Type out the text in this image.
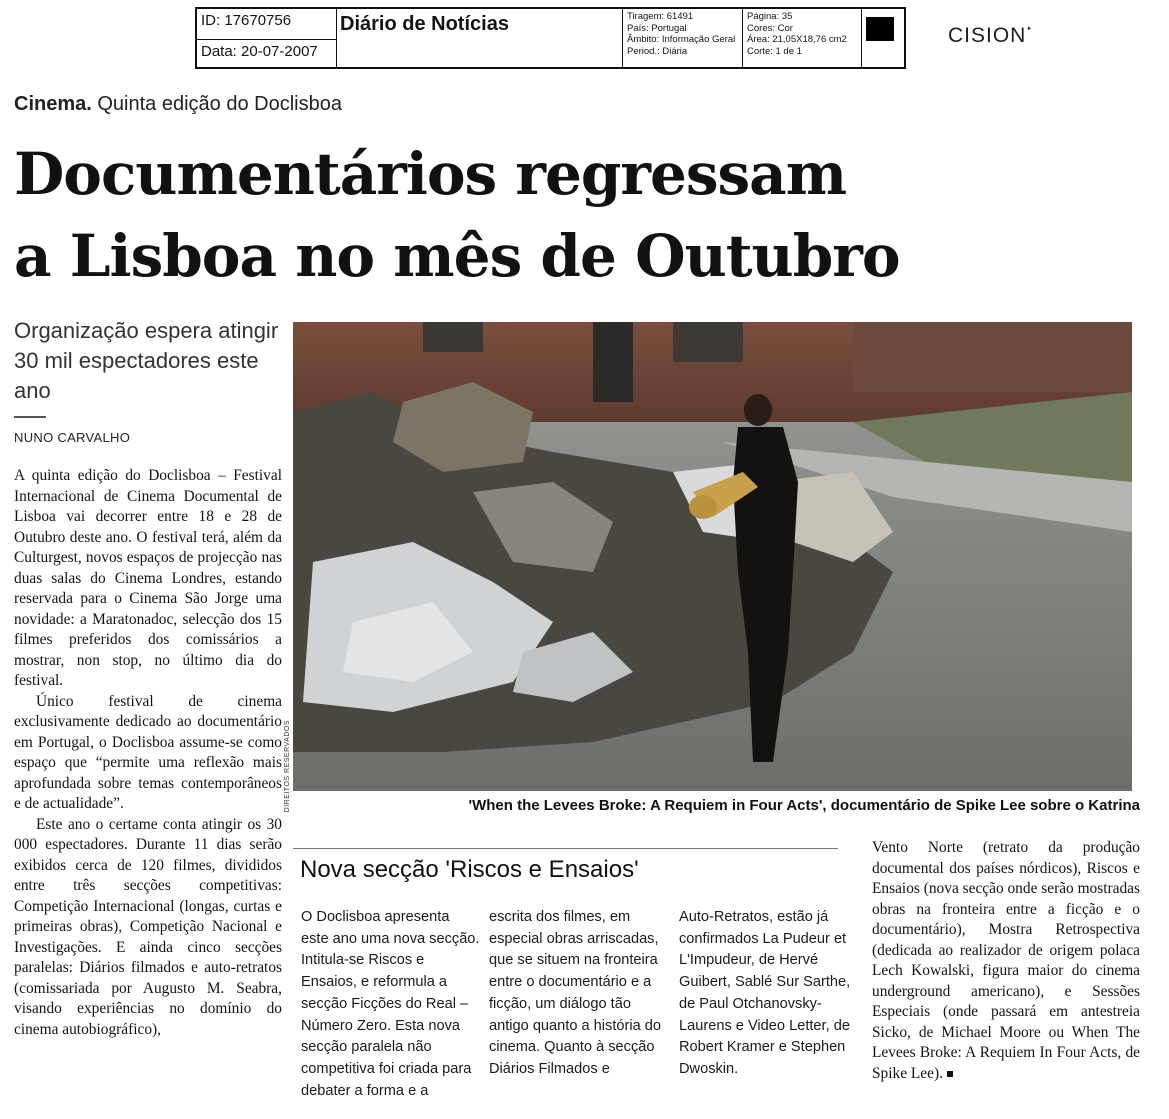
ID: 17670756
Data: 20-07-2007
Diário de Notícias	Tiragem: 61491
País: Portugal
Âmbito: Informação Geral
Period.: Diária
Página: 35
Cores: Cor
Área: 21,05X18,76 cm2
Corte: 1 de 1
CISION‣
Cinema. Quinta edição do Doclisboa
Documentários regressam
a Lisboa no mês de Outubro
Organização espera atingir 30 mil espectadores este ano
NUNO CARVALHO

A quinta edição do Doclisboa – Festival Internacional de Cinema Documental de Lisboa vai decorrer entre 18 e 28 de Outubro deste ano. O festival terá, além da Culturgest, novos espaços de projecção nas duas salas do Cinema Londres, estando reservada para o Cinema São Jorge uma novidade: a Maratonadoc, selecção dos 15 filmes preferidos dos comissários a mostrar, non stop, no último dia do festival.

Único festival de cinema exclusivamente dedicado ao documentário em Portugal, o Doclisboa assume-se como espaço que “permite uma reflexão mais aprofundada sobre temas contemporâneos e de actualidade”.

Este ano o certame conta atingir os 30 000 espectadores. Durante 11 dias serão exibidos cerca de 120 filmes, divididos entre três secções competitivas: Competição Internacional (longas, curtas e primeiras obras), Competição Nacional e Investigações. E ainda cinco secções paralelas: Diários filmados e auto-retratos (comissariada por Augusto M. Seabra, visando experiências no domínio do cinema autobiográfico),

DIREITOS RESERVADOS	'When the Levees Broke: A Requiem in Four Acts', documentário de Spike Lee sobre o Katrina
Nova secção 'Riscos e Ensaios'

O Doclisboa apresenta este ano uma nova secção. Intitula-se Riscos e Ensaios, e reformula a secção Ficções do Real – Número Zero. Esta nova secção paralela não competitiva foi criada para debater a forma e a

escrita dos filmes, em especial obras arriscadas, que se situem na fronteira entre o documentário e a ficção, um diálogo tão antigo quanto a história do cinema. Quanto à secção Diários Filmados e

Auto-Retratos, estão já confirmados La Pudeur et L'Impudeur, de Hervé Guibert, Sablé Sur Sarthe, de Paul Otchanovsky-Laurens e Video Letter, de Robert Kramer e Stephen Dwoskin.

Vento Norte (retrato da produção documental dos países nórdicos), Riscos e Ensaios (nova secção onde serão mostradas obras na fronteira entre a ficção e o documentário), Mostra Retrospectiva (dedicada ao realizador de origem polaca Lech Kowalski, figura maior do cinema underground americano), e Sessões Especiais (onde passará em antestreia Sicko, de Michael Moore ou When The Levees Broke: A Requiem In Four Acts, de Spike Lee).
